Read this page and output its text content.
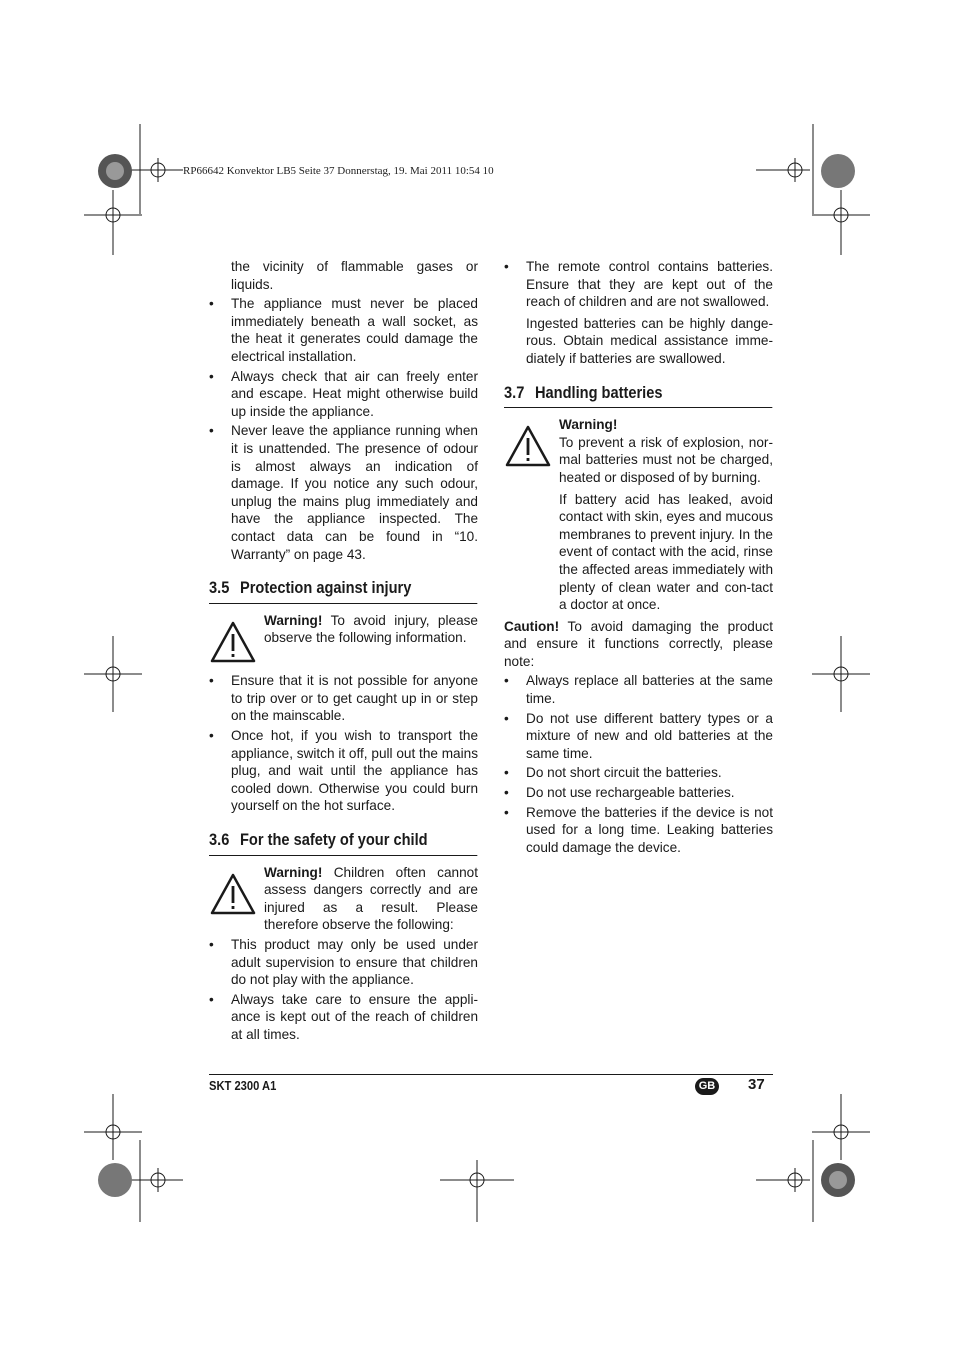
RP66642 Konvektor LB5 Seite 37 Donnerstag, 19. Mai 2011 10:54 10

the vicinity of flammable gases or liquids.

• The appliance must never be placed immediately beneath a wall socket, as the heat it generates could damage the electrical installation.
• Always check that air can freely enter and escape. Heat might otherwise build up inside the appliance.
• Never leave the appliance running when it is unattended. The presence of odour is almost always an indication of damage. If you notice any such odour, unplug the mains plug immediately and have the appliance inspected. The contact data can be found in “10. Warranty” on page 43.
3.5 Protection against injury

Warning! To avoid injury, please observe the following information.

• Ensure that it is not possible for anyone to trip over or to get caught up in or step on the mainscable.
• Once hot, if you wish to transport the appliance, switch it off, pull out the mains plug, and wait until the appliance has cooled down. Otherwise you could burn yourself on the hot surface.
3.6 For the safety of your child

Warning! Children often cannot assess dangers correctly and are injured as a result. Please therefore observe the following:

• This product may only be used under adult supervision to ensure that children do not play with the appliance.
• Always take care to ensure the appli-ance is kept out of the reach of children at all times.
• The remote control contains batteries. Ensure that they are kept out of the reach of children and are not swallowed.

Ingested batteries can be highly dange-rous. Obtain medical assistance imme-diately if batteries are swallowed.

3.7 Handling batteries

Warning!

To prevent a risk of explosion, nor-mal batteries must not be charged, heated or disposed of by burning.

If battery acid has leaked, avoid contact with skin, eyes and mucous membranes to prevent injury. In the event of contact with the acid, rinse the affected areas immediately with plenty of clean water and con-tact a doctor at once.

Caution! To avoid damaging the product and ensure it functions correctly, please note:

• Always replace all batteries at the same time.
• Do not use different battery types or a mixture of new and old batteries at the same time.
• Do not short circuit the batteries.
• Do not use rechargeable batteries.
• Remove the batteries if the device is not used for a long time. Leaking batteries could damage the device.
SKT 2300 A1	GB 37
